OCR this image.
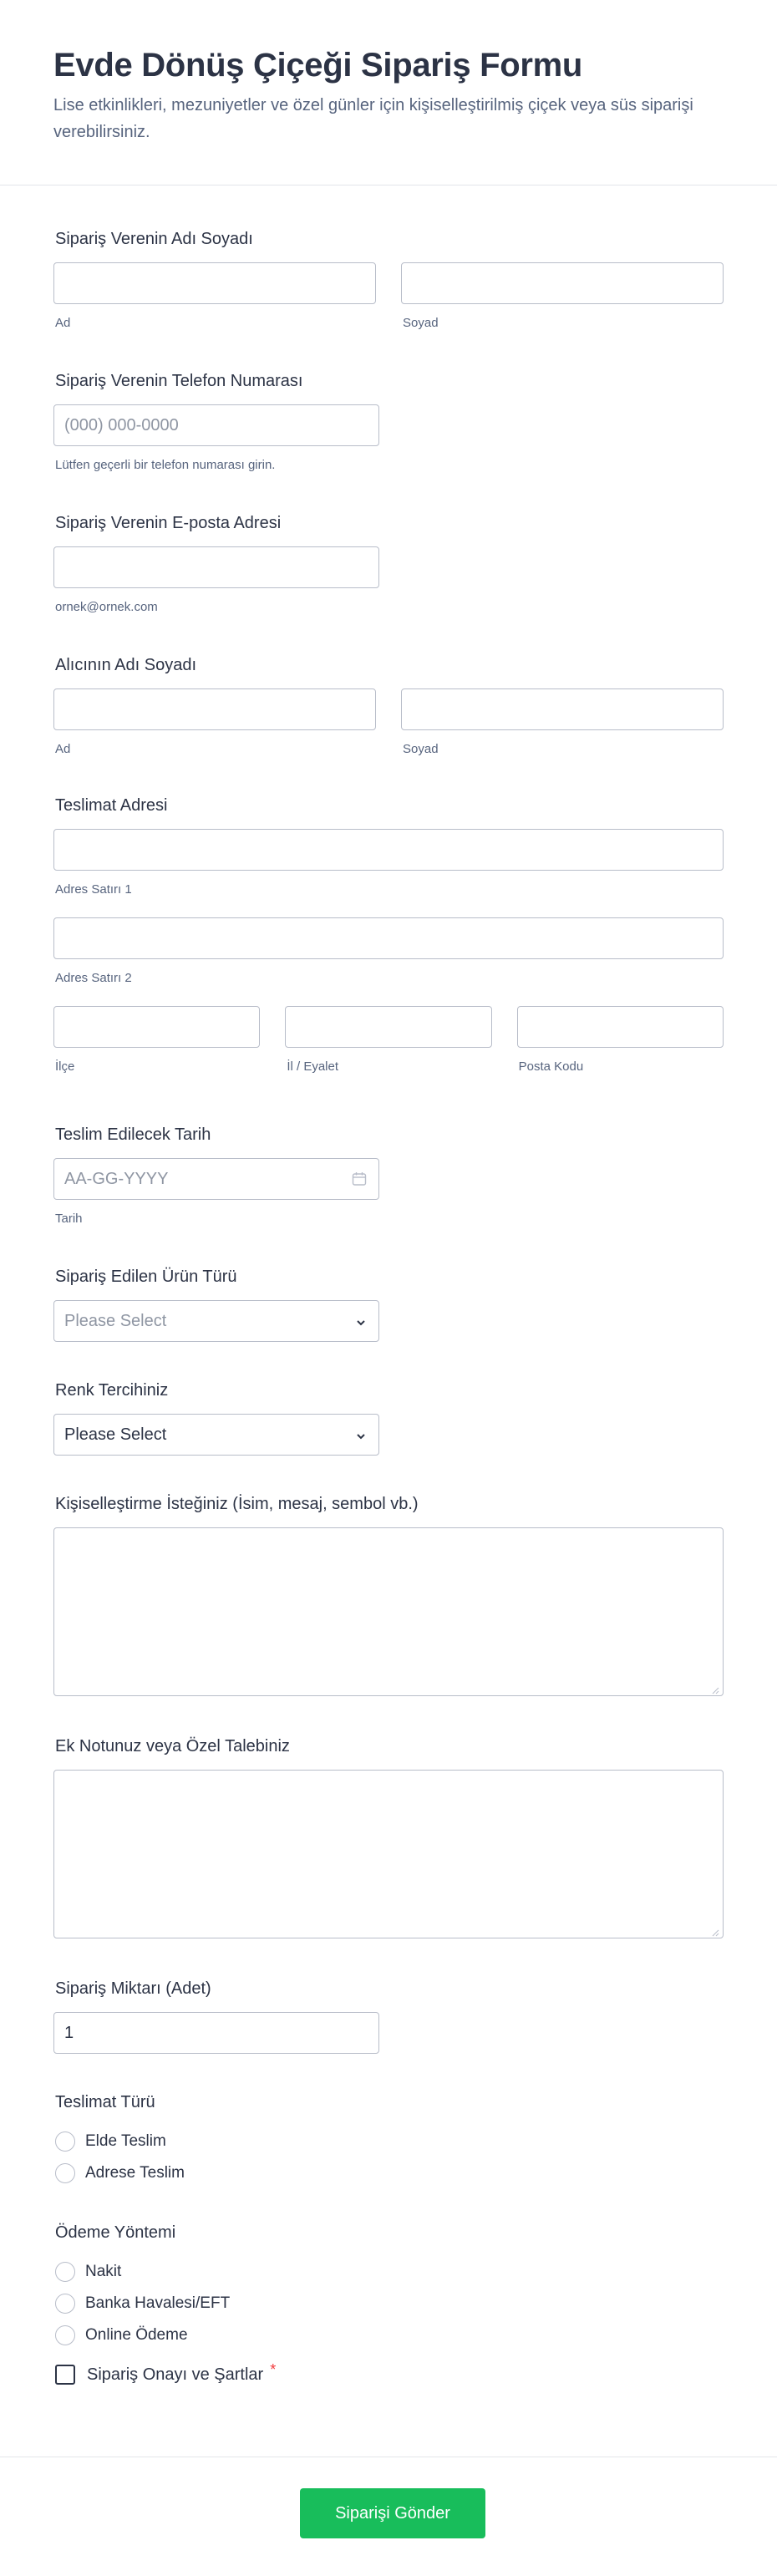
Evde Dönüş Çiçeği Sipariş Formu

Lise etkinlikleri, mezuniyetler ve özel günler için kişiselleştirilmiş çiçek veya süs siparişi verebilirsiniz.

Sipariş Verenin Adı Soyadı
Ad	Soyad
Sipariş Verenin Telefon Numarası
(000) 000-0000
Lütfen geçerli bir telefon numarası girin.
Sipariş Verenin E-posta Adresi
ornek@ornek.com
Alıcının Adı Soyadı
Ad	Soyad
Teslimat Adresi
Adres Satırı 1
Adres Satırı 2
İlçe	İl / Eyalet	Posta Kodu
Teslim Edilecek Tarih
AA-GG-YYYY
Tarih
Sipariş Edilen Ürün Türü
Please Select
Renk Tercihiniz
Please Select
Kişiselleştirme İsteğiniz (İsim, mesaj, sembol vb.)
Ek Notunuz veya Özel Talebiniz
Sipariş Miktarı (Adet)
1
Teslimat Türü
Elde Teslim
Adrese Teslim
Ödeme Yöntemi
Nakit
Banka Havalesi/EFT
Online Ödeme
Sipariş Onayı ve Şartlar *
Siparişi Gönder
